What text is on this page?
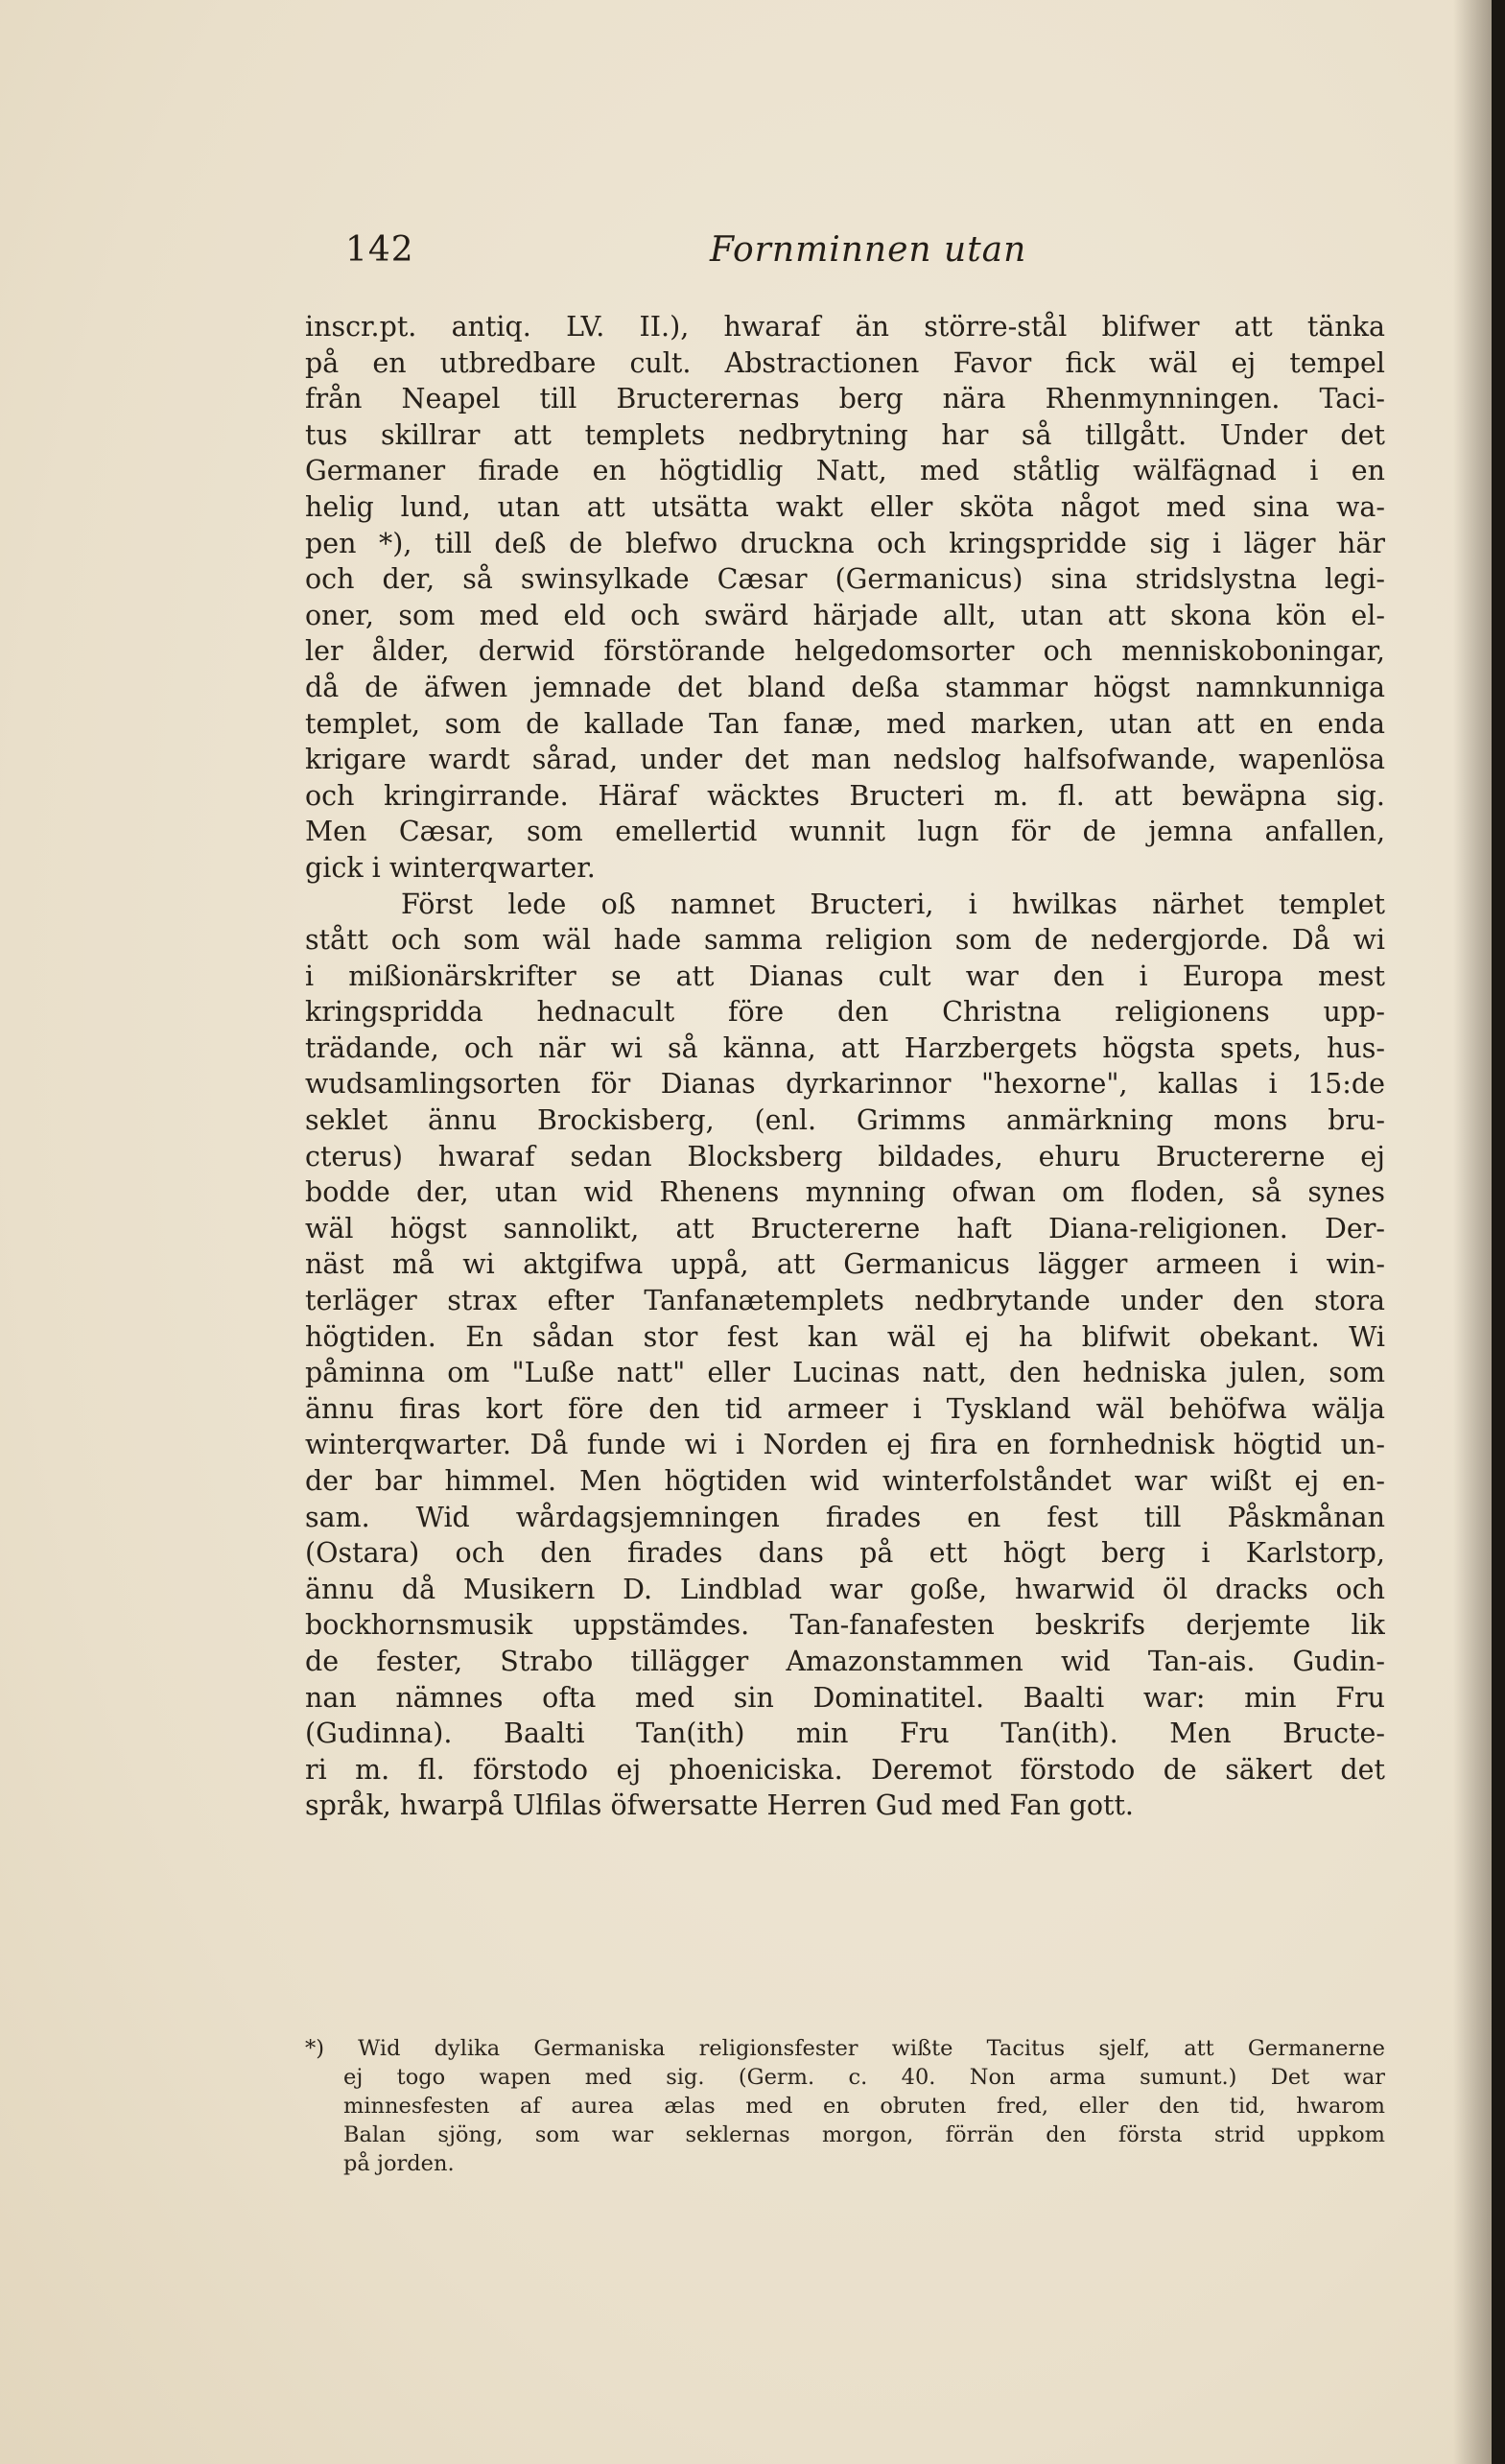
142	Fornminnen utan
inscr.pt. antiq. LV. II.), hwaraf än större-stål blifwer att tänka
på en utbredbare cult. Abstractionen Favor fick wäl ej tempel
från Neapel till Bructerernas berg nära Rhenmynningen. Taci-
tus skillrar att templets nedbrytning har så tillgått. Under det
Germaner firade en högtidlig Natt, med ståtlig wälfägnad i en
helig lund, utan att utsätta wakt eller sköta något med sina wa-
pen *), till deß de blefwo druckna och kringspridde sig i läger här
och der, så swinsylkade Cæsar (Germanicus) sina stridslystna legi-
oner, som med eld och swärd härjade allt, utan att skona kön el-
ler ålder, derwid förstörande helgedomsorter och menniskoboningar,
då de äfwen jemnade det bland deßa stammar högst namnkunniga
templet, som de kallade Tan fanæ, med marken, utan att en enda
krigare wardt sårad, under det man nedslog halfsofwande, wapenlösa
och kringirrande. Häraf wäcktes Bructeri m. fl. att bewäpna sig.
Men Cæsar, som emellertid wunnit lugn för de jemna anfallen,
gick i winterqwarter.
Först lede oß namnet Bructeri, i hwilkas närhet templet
stått och som wäl hade samma religion som de nedergjorde. Då wi
i mißionärskrifter se att Dianas cult war den i Europa mest
kringspridda hednacult före den Christna religionens upp-
trädande, och när wi så känna, att Harzbergets högsta spets, hus-
wudsamlingsorten för Dianas dyrkarinnor "hexorne", kallas i 15:de
seklet ännu Brockisberg, (enl. Grimms anmärkning mons bru-
cterus) hwaraf sedan Blocksberg bildades, ehuru Bructererne ej
bodde der, utan wid Rhenens mynning ofwan om floden, så synes
wäl högst sannolikt, att Bructererne haft Diana-religionen. Der-
näst må wi aktgifwa uppå, att Germanicus lägger armeen i win-
terläger strax efter Tanfanætemplets nedbrytande under den stora
högtiden. En sådan stor fest kan wäl ej ha blifwit obekant. Wi
påminna om "Luße natt" eller Lucinas natt, den hedniska julen, som
ännu firas kort före den tid armeer i Tyskland wäl behöfwa wälja
winterqwarter. Då funde wi i Norden ej fira en fornhednisk högtid un-
der bar himmel. Men högtiden wid winterfolståndet war wißt ej en-
sam. Wid wårdagsjemningen firades en fest till Påskmånan
(Ostara) och den firades dans på ett högt berg i Karlstorp,
ännu då Musikern D. Lindblad war goße, hwarwid öl dracks och
bockhornsmusik uppstämdes. Tan-fanafesten beskrifs derjemte lik
de fester, Strabo tillägger Amazonstammen wid Tan-ais. Gudin-
nan nämnes ofta med sin Dominatitel. Baalti war: min Fru
(Gudinna). Baalti Tan(ith) min Fru Tan(ith). Men Bructe-
ri m. fl. förstodo ej phoeniciska. Deremot förstodo de säkert det
språk, hwarpå Ulfilas öfwersatte Herren Gud med Fan gott.
*) Wid dylika Germaniska religionsfester wißte Tacitus sjelf, att Germanerne
ej togo wapen med sig. (Germ. c. 40. Non arma sumunt.) Det war
minnesfesten af aurea ælas med en obruten fred, eller den tid, hwarom
Balan sjöng, som war seklernas morgon, förrän den första strid uppkom
på jorden.
